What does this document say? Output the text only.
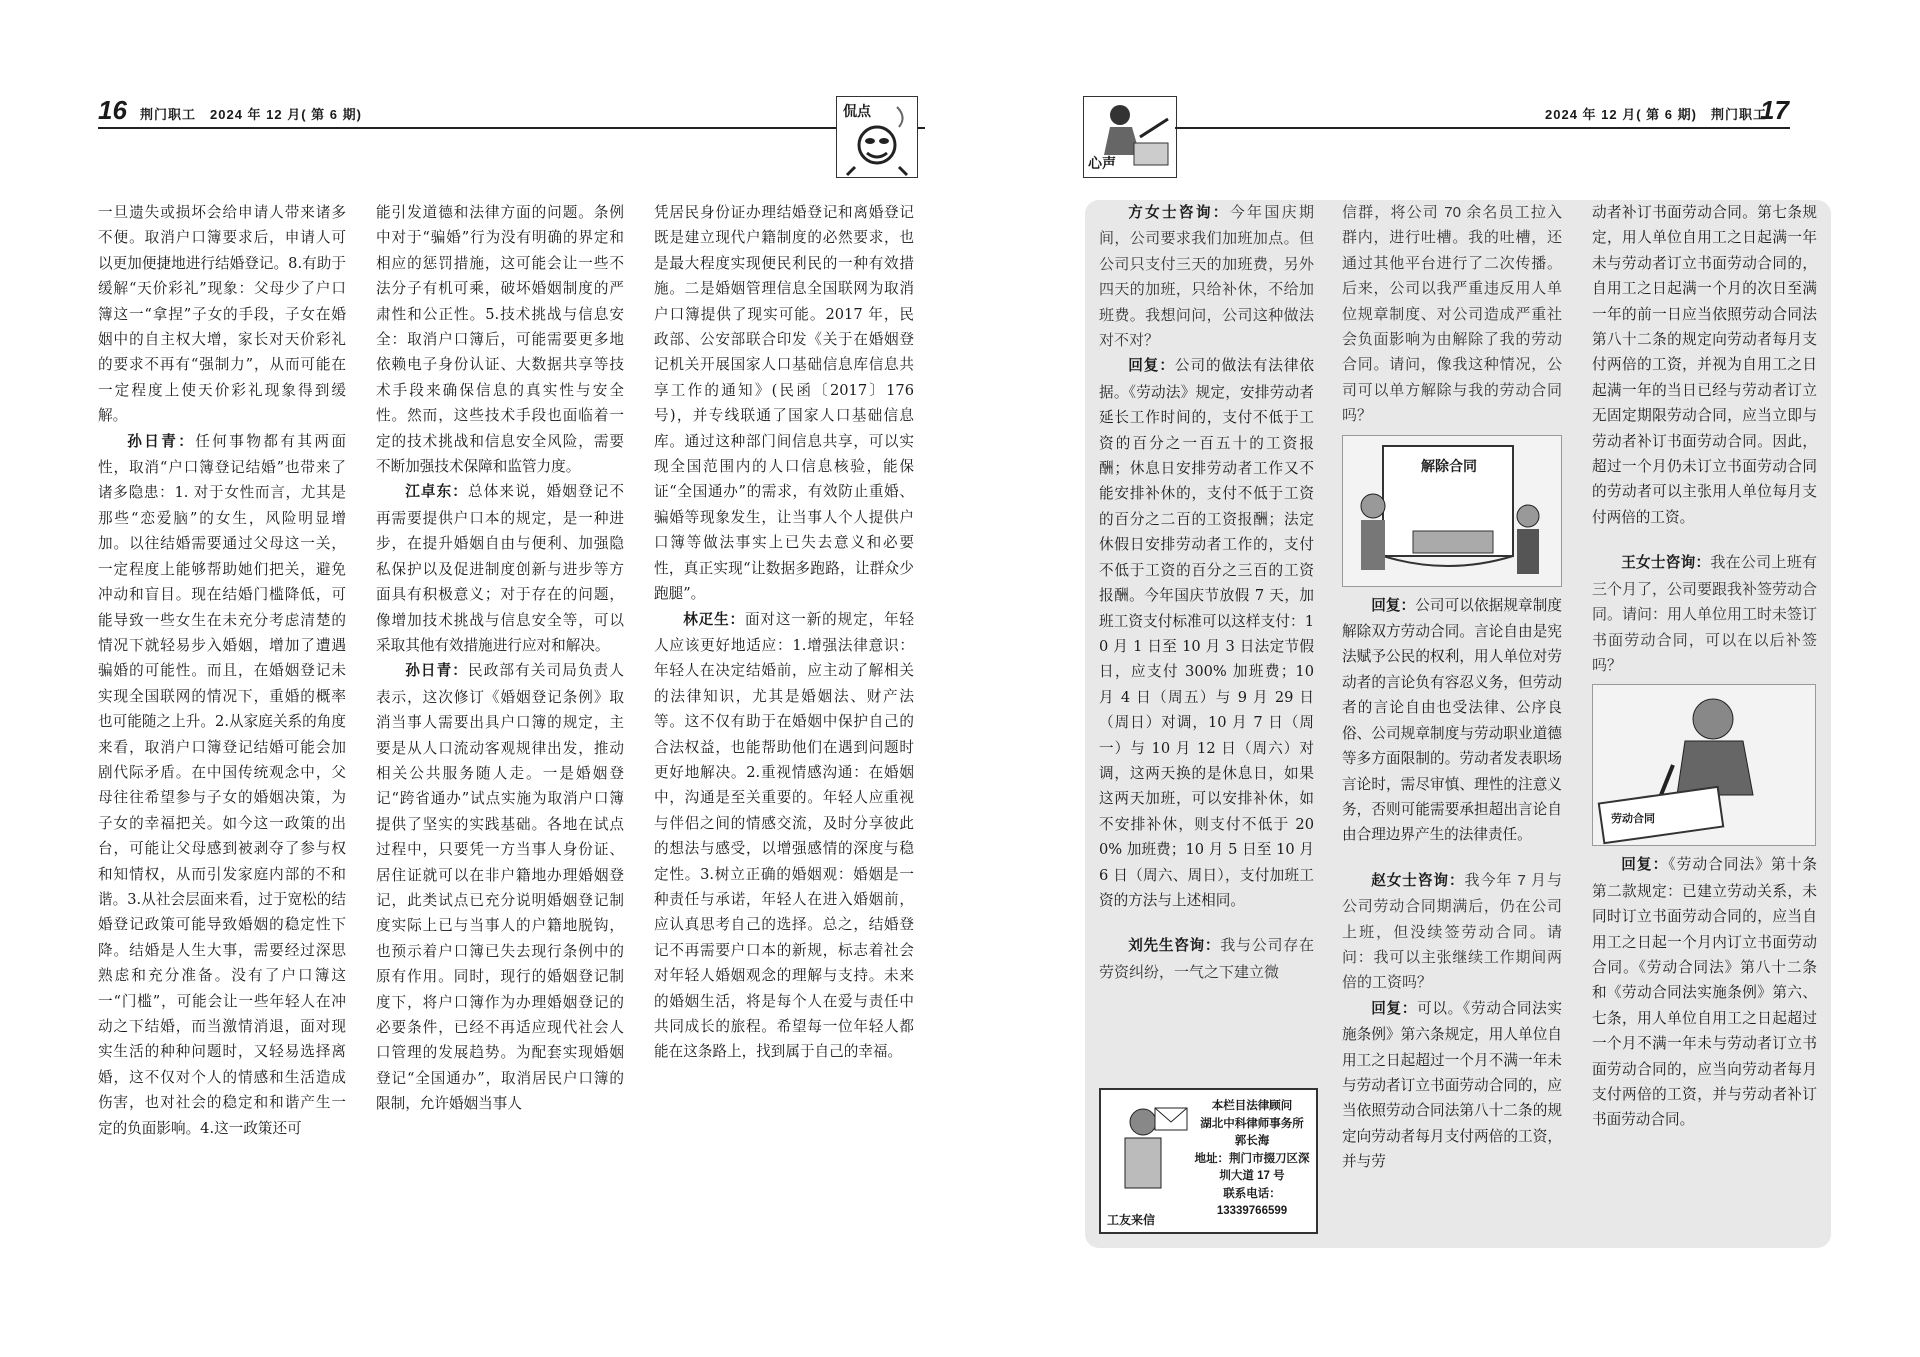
16 荆门职工　2024 年 12 月( 第 6 期)	侃点

一旦遗失或损坏会给申请人带来诸多不便。取消户口簿要求后，申请人可以更加便捷地进行结婚登记。8.有助于缓解“天价彩礼”现象：父母少了户口簿这一“拿捏”子女的手段，子女在婚姻中的自主权大增，家长对天价彩礼的要求不再有“强制力”，从而可能在一定程度上使天价彩礼现象得到缓解。

孙日青：任何事物都有其两面性，取消“户口簿登记结婚”也带来了诸多隐患：1. 对于女性而言，尤其是那些“恋爱脑”的女生，风险明显增加。以往结婚需要通过父母这一关，一定程度上能够帮助她们把关，避免冲动和盲目。现在结婚门槛降低，可能导致一些女生在未充分考虑清楚的情况下就轻易步入婚姻，增加了遭遇骗婚的可能性。而且，在婚姻登记未实现全国联网的情况下，重婚的概率也可能随之上升。2.从家庭关系的角度来看，取消户口簿登记结婚可能会加剧代际矛盾。在中国传统观念中，父母往往希望参与子女的婚姻决策，为子女的幸福把关。如今这一政策的出台，可能让父母感到被剥夺了参与权和知情权，从而引发家庭内部的不和谐。3.从社会层面来看，过于宽松的结婚登记政策可能导致婚姻的稳定性下降。结婚是人生大事，需要经过深思熟虑和充分准备。没有了户口簿这一“门槛”，可能会让一些年轻人在冲动之下结婚，而当激情消退，面对现实生活的种种问题时，又轻易选择离婚，这不仅对个人的情感和生活造成伤害，也对社会的稳定和和谐产生一定的负面影响。4.这一政策还可

能引发道德和法律方面的问题。条例中对于“骗婚”行为没有明确的界定和相应的惩罚措施，这可能会让一些不法分子有机可乘，破坏婚姻制度的严肃性和公正性。5.技术挑战与信息安全：取消户口簿后，可能需要更多地依赖电子身份认证、大数据共享等技术手段来确保信息的真实性与安全性。然而，这些技术手段也面临着一定的技术挑战和信息安全风险，需要不断加强技术保障和监管力度。

江卓东：总体来说，婚姻登记不再需要提供户口本的规定，是一种进步，在提升婚姻自由与便利、加强隐私保护以及促进制度创新与进步等方面具有积极意义；对于存在的问题，像增加技术挑战与信息安全等，可以采取其他有效措施进行应对和解决。

孙日青：民政部有关司局负责人表示，这次修订《婚姻登记条例》取消当事人需要出具户口簿的规定，主要是从人口流动客观规律出发，推动相关公共服务随人走。一是婚姻登记“跨省通办”试点实施为取消户口簿提供了坚实的实践基础。各地在试点过程中，只要凭一方当事人身份证、居住证就可以在非户籍地办理婚姻登记，此类试点已充分说明婚姻登记制度实际上已与当事人的户籍地脱钩，也预示着户口簿已失去现行条例中的原有作用。同时，现行的婚姻登记制度下，将户口簿作为办理婚姻登记的必要条件，已经不再适应现代社会人口管理的发展趋势。为配套实现婚姻登记“全国通办”，取消居民户口簿的限制，允许婚姻当事人

凭居民身份证办理结婚登记和离婚登记既是建立现代户籍制度的必然要求，也是最大程度实现便民利民的一种有效措施。二是婚姻管理信息全国联网为取消户口簿提供了现实可能。2017 年，民政部、公安部联合印发《关于在婚姻登记机关开展国家人口基础信息库信息共享工作的通知》(民函〔2017〕176 号)，并专线联通了国家人口基础信息库。通过这种部门间信息共享，可以实现全国范围内的人口信息核验，能保证“全国通办”的需求，有效防止重婚、骗婚等现象发生，让当事人个人提供户口簿等做法事实上已失去意义和必要性，真正实现“让数据多跑路，让群众少跑腿”。

林疋生：面对这一新的规定，年轻人应该更好地适应：1.增强法律意识：年轻人在决定结婚前，应主动了解相关的法律知识，尤其是婚姻法、财产法等。这不仅有助于在婚姻中保护自己的合法权益，也能帮助他们在遇到问题时更好地解决。2.重视情感沟通：在婚姻中，沟通是至关重要的。年轻人应重视与伴侣之间的情感交流，及时分享彼此的想法与感受，以增强感情的深度与稳定性。3.树立正确的婚姻观：婚姻是一种责任与承诺，年轻人在进入婚姻前，应认真思考自己的选择。总之，结婚登记不再需要户口本的新规，标志着社会对年轻人婚姻观念的理解与支持。未来的婚姻生活，将是每个人在爱与责任中共同成长的旅程。希望每一位年轻人都能在这条路上，找到属于自己的幸福。

心声
2024 年 12 月( 第 6 期)　荆门职工
17

方女士咨询：今年国庆期间，公司要求我们加班加点。但公司只支付三天的加班费，另外四天的加班，只给补休，不给加班费。我想问问，公司这种做法对不对？

回复：公司的做法有法律依据。《劳动法》规定，安排劳动者延长工作时间的，支付不低于工资的百分之一百五十的工资报酬；休息日安排劳动者工作又不能安排补休的，支付不低于工资的百分之二百的工资报酬；法定休假日安排劳动者工作的，支付不低于工资的百分之三百的工资报酬。今年国庆节放假 7 天，加班工资支付标准可以这样支付：10 月 1 日至 10 月 3 日法定节假日，应支付 300% 加班费；10 月 4 日（周五）与 9 月 29 日（周日）对调，10 月 7 日（周一）与 10 月 12 日（周六）对调，这两天换的是休息日，如果这两天加班，可以安排补休，如不安排补休，则支付不低于 200% 加班费；10 月 5 日至 10 月 6 日（周六、周日），支付加班工资的方法与上述相同。

刘先生咨询：我与公司存在劳资纠纷，一气之下建立微

本栏目法律顾问
湖北中科律师事务所　郭长海
地址：荆门市掇刀区深圳大道 17 号
联系电话：
13339766599
工友来信

信群，将公司 70 余名员工拉入群内，进行吐槽。我的吐槽，还通过其他平台进行了二次传播。后来，公司以我严重违反用人单位规章制度、对公司造成严重社会负面影响为由解除了我的劳动合同。请问，像我这种情况，公司可以单方解除与我的劳动合同吗？

解除合同

回复：公司可以依据规章制度解除双方劳动合同。言论自由是宪法赋予公民的权利，用人单位对劳动者的言论负有容忍义务，但劳动者的言论自由也受法律、公序良俗、公司规章制度与劳动职业道德等多方面限制的。劳动者发表职场言论时，需尽审慎、理性的注意义务，否则可能需要承担超出言论自由合理边界产生的法律责任。

赵女士咨询：我今年 7 月与公司劳动合同期满后，仍在公司上班，但没续签劳动合同。请问：我可以主张继续工作期间两倍的工资吗？

回复：可以。《劳动合同法实施条例》第六条规定，用人单位自用工之日起超过一个月不满一年未与劳动者订立书面劳动合同的，应当依照劳动合同法第八十二条的规定向劳动者每月支付两倍的工资，并与劳

动者补订书面劳动合同。第七条规定，用人单位自用工之日起满一年未与劳动者订立书面劳动合同的，自用工之日起满一个月的次日至满一年的前一日应当依照劳动合同法第八十二条的规定向劳动者每月支付两倍的工资，并视为自用工之日起满一年的当日已经与劳动者订立无固定期限劳动合同，应当立即与劳动者补订书面劳动合同。因此，超过一个月仍未订立书面劳动合同的劳动者可以主张用人单位每月支付两倍的工资。

王女士咨询：我在公司上班有三个月了，公司要跟我补签劳动合同。请问：用人单位用工时未签订书面劳动合同，可以在以后补签吗？

劳动合同

回复：《劳动合同法》第十条第二款规定：已建立劳动关系，未同时订立书面劳动合同的，应当自用工之日起一个月内订立书面劳动合同。《劳动合同法》第八十二条和《劳动合同法实施条例》第六、七条，用人单位自用工之日起超过一个月不满一年未与劳动者订立书面劳动合同的，应当向劳动者每月支付两倍的工资，并与劳动者补订书面劳动合同。
